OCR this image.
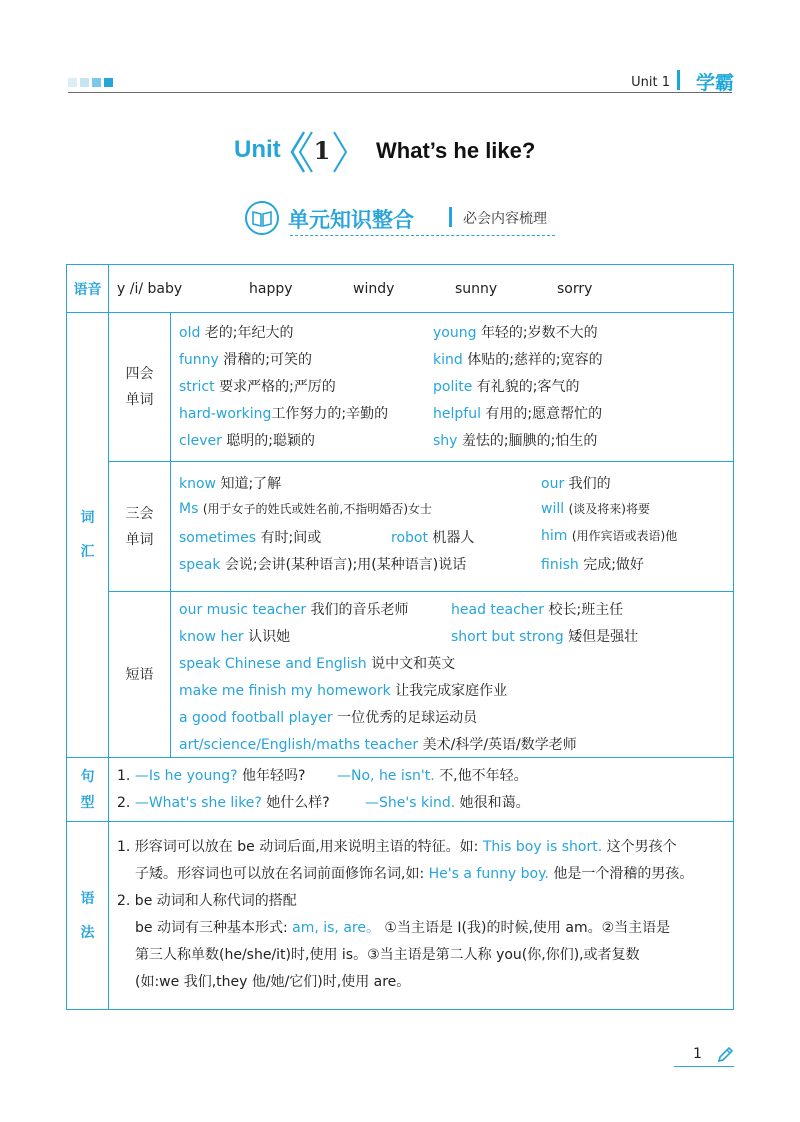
Unit 1 学霸
Unit	1	What’s he like?
单元知识整合	必会内容梳理
语音	y /i/ baby	happy	windy	sunny	sorry
词
汇
四会
单词
old 老的;年纪大的	young 年轻的;岁数不大的
funny 滑稽的;可笑的	kind 体贴的;慈祥的;宽容的
strict 要求严格的;严厉的	polite 有礼貌的;客气的
hard-working工作努力的;辛勤的	helpful 有用的;愿意帮忙的
clever 聪明的;聪颖的	shy 羞怯的;腼腆的;怕生的
三会
单词
know 知道;了解	our 我们的
Ms (用于女子的姓氏或姓名前,不指明婚否)女士	will (谈及将来)将要
sometimes 有时;间或	robot 机器人	him (用作宾语或表语)他
speak 会说;会讲(某种语言);用(某种语言)说话	finish 完成;做好
短语
our music teacher 我们的音乐老师	head teacher 校长;班主任
know her 认识她	short but strong 矮但是强壮
speak Chinese and English 说中文和英文
make me finish my homework 让我完成家庭作业
a good football player 一位优秀的足球运动员
art/science/English/maths teacher 美术/科学/英语/数学老师
句
型
1. —Is he young? 他年轻吗? —No, he isn't. 不,他不年轻。
2. —What's she like? 她什么样?	—She's kind. 她很和蔼。
语
法
1. 形容词可以放在 be 动词后面,用来说明主语的特征。如: This boy is short. 这个男孩个
子矮。形容词也可以放在名词前面修饰名词,如: He's a funny boy. 他是一个滑稽的男孩。
2. be 动词和人称代词的搭配
be 动词有三种基本形式: am, is, are。 ①当主语是 I(我)的时候,使用 am。②当主语是
第三人称单数(he/she/it)时,使用 is。③当主语是第二人称 you(你,你们),或者复数
(如:we 我们,they 他/她/它们)时,使用 are。
1
